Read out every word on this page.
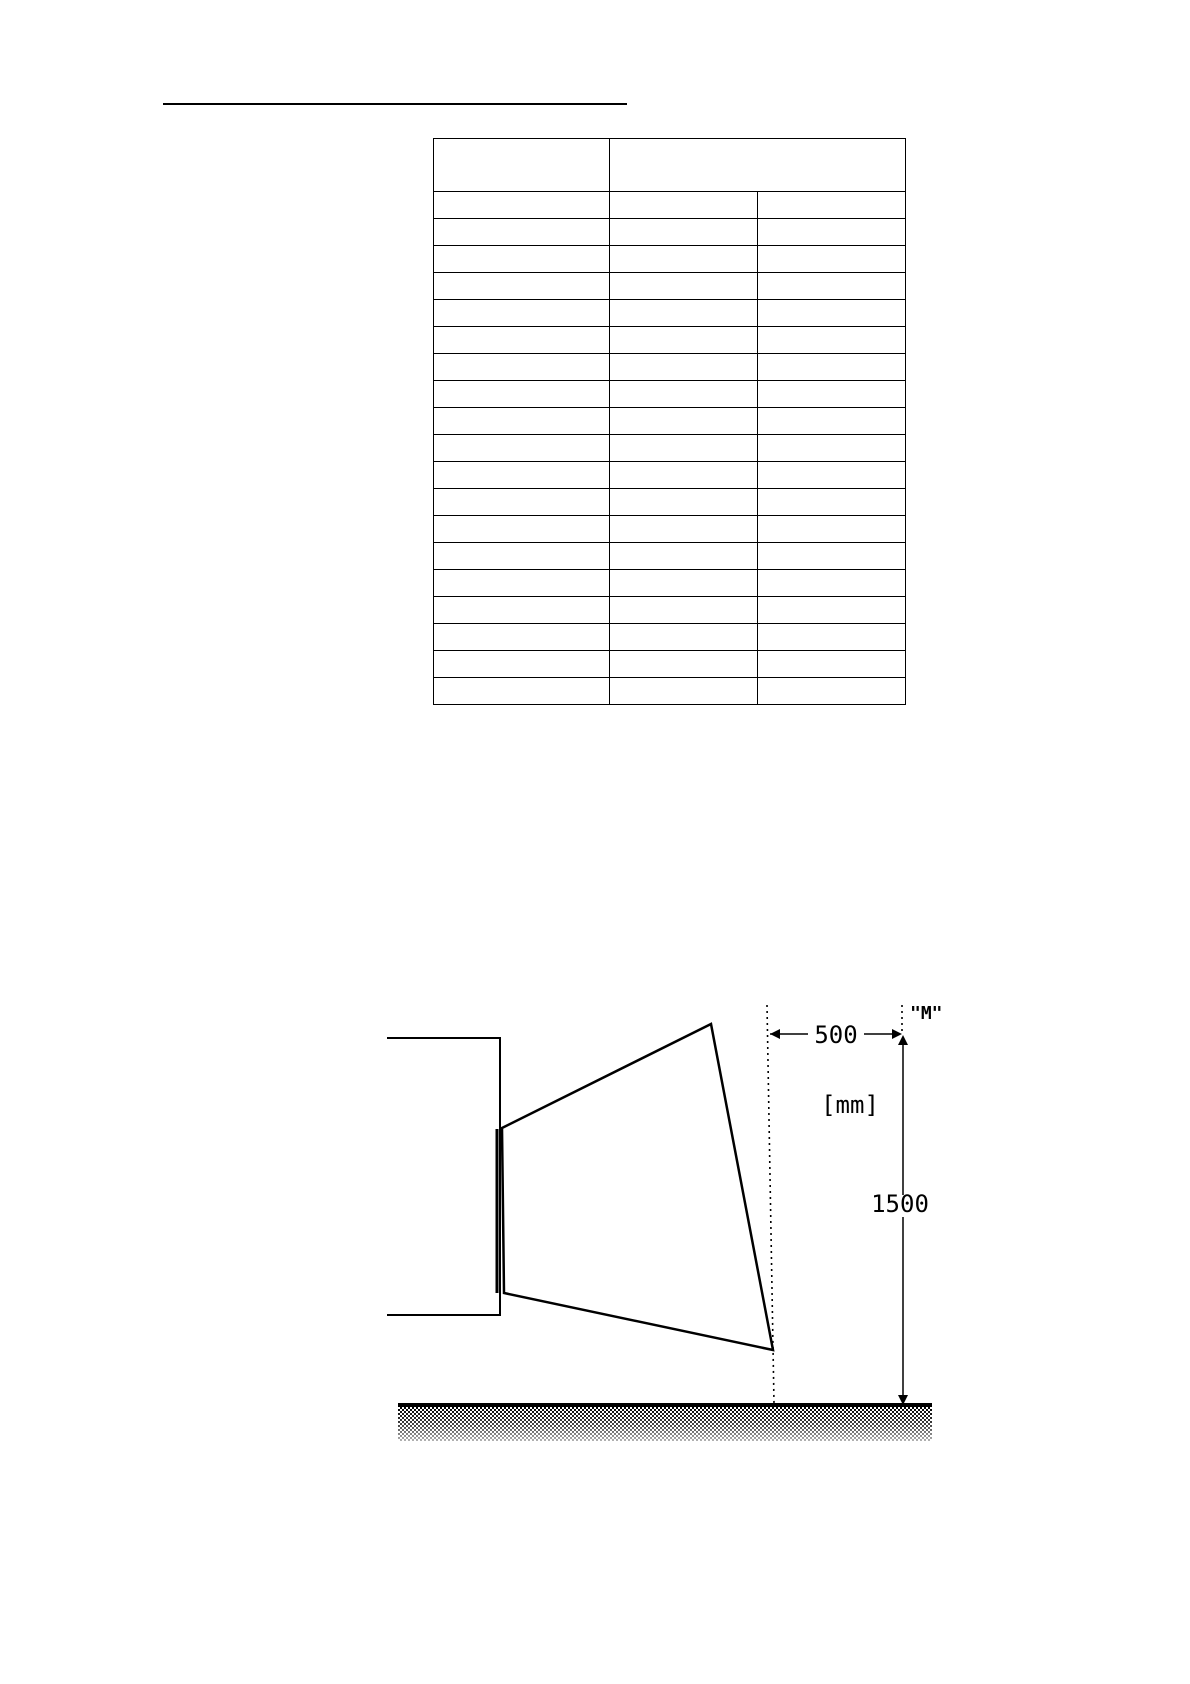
500
"M"
[mm]
1500
